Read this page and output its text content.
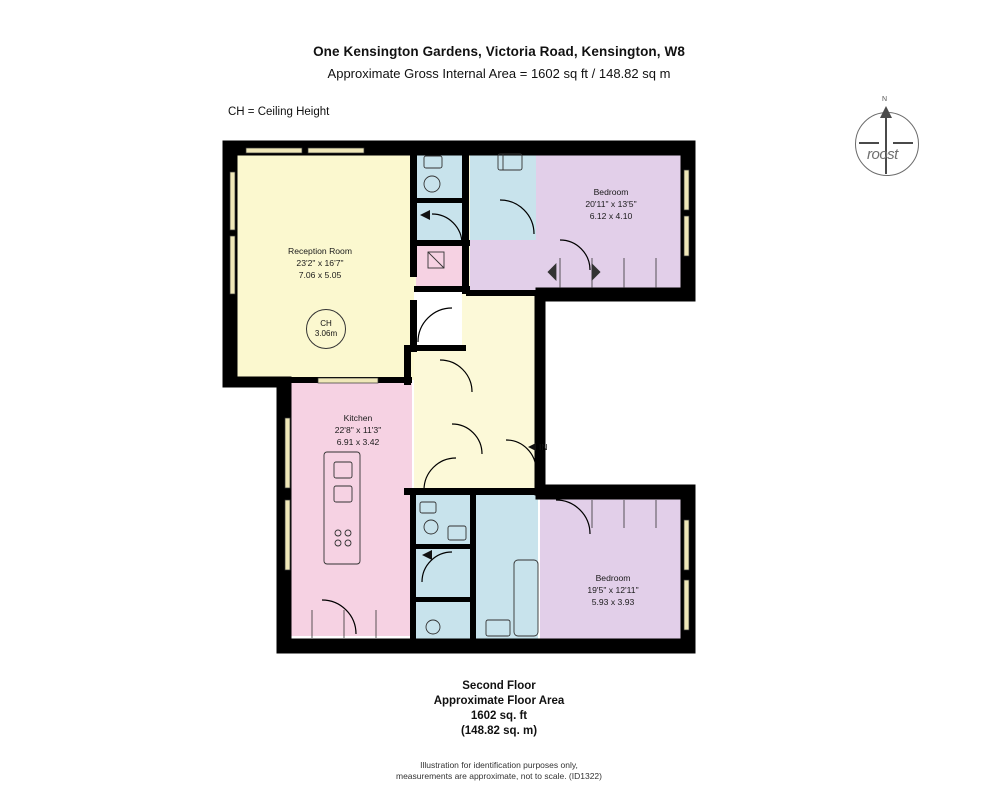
One Kensington Gardens, Victoria Road, Kensington, W8
Approximate Gross Internal Area = 1602 sq ft / 148.82 sq m
CH = Ceiling Height
N
roost
Reception Room
23'2" x 16'7"
7.06 x 5.05
Kitchen
22'8" x 11'3"
6.91 x 3.42
Bedroom
20'11" x 13'5"
6.12 x 4.10
Bedroom
19'5" x 12'11"
5.93 x 3.93
CH
3.06m
IN
Second Floor
Approximate Floor Area
1602 sq. ft
(148.82 sq. m)
Illustration for identification purposes only,
measurements are approximate, not to scale. (ID1322)
